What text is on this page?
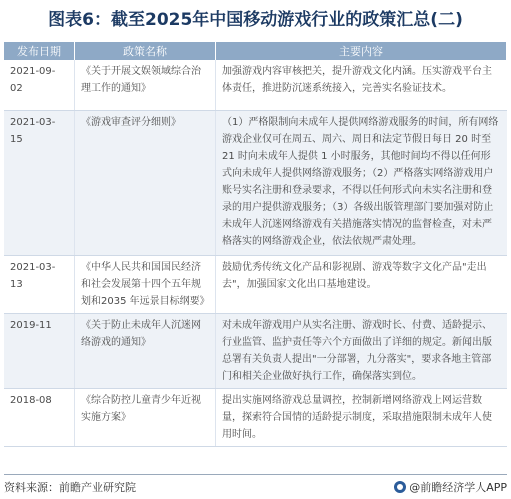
图表6：截至2025年中国移动游戏行业的政策汇总(二)
发布日期	政策名称	主要内容
2021-09-02	《关于开展文娱领域综合治理工作的通知》	加强游戏内容审核把关，提升游戏文化内涵。压实游戏平台主体责任，推进防沉迷系统接入，完善实名验证技术。
2021-03-15	《游戏审查评分细则》	（1）严格限制向未成年人提供网络游戏服务的时间，所有网络游戏企业仅可在周五、周六、周日和法定节假日每日 20 时至 21 时向未成年人提供 1 小时服务，其他时间均不得以任何形式向未成年人提供网络游戏服务；（2）严格落实网络游戏用户账号实名注册和登录要求，不得以任何形式向未实名注册和登录的用户提供游戏服务；（3）各级出版管理部门要加强对防止未成年人沉迷网络游戏有关措施落实情况的监督检查，对未严格落实的网络游戏企业，依法依规严肃处理。
2021-03-13	《中华人民共和国国民经济和社会发展第十四个五年规划和2035 年远景目标纲要》	鼓励优秀传统文化产品和影视剧、游戏等数字文化产品"走出去"，加强国家文化出口基地建设。
2019-11	《关于防止未成年人沉迷网络游戏的通知》	对未成年游戏用户从实名注册、游戏时长、付费、适龄提示、行业监管、监护责任等六个方面做出了详细的规定。新闻出版总署有关负责人提出"一分部署，九分落实"，要求各地主管部门和相关企业做好执行工作，确保落实到位。
2018-08	《综合防控儿童青少年近视实施方案》	提出实施网络游戏总量调控，控制新增网络游戏上网运营数量，探索符合国情的适龄提示制度，采取措施限制未成年人使用时间。
资料来源：前瞻产业研究院	@前瞻经济学人APP
